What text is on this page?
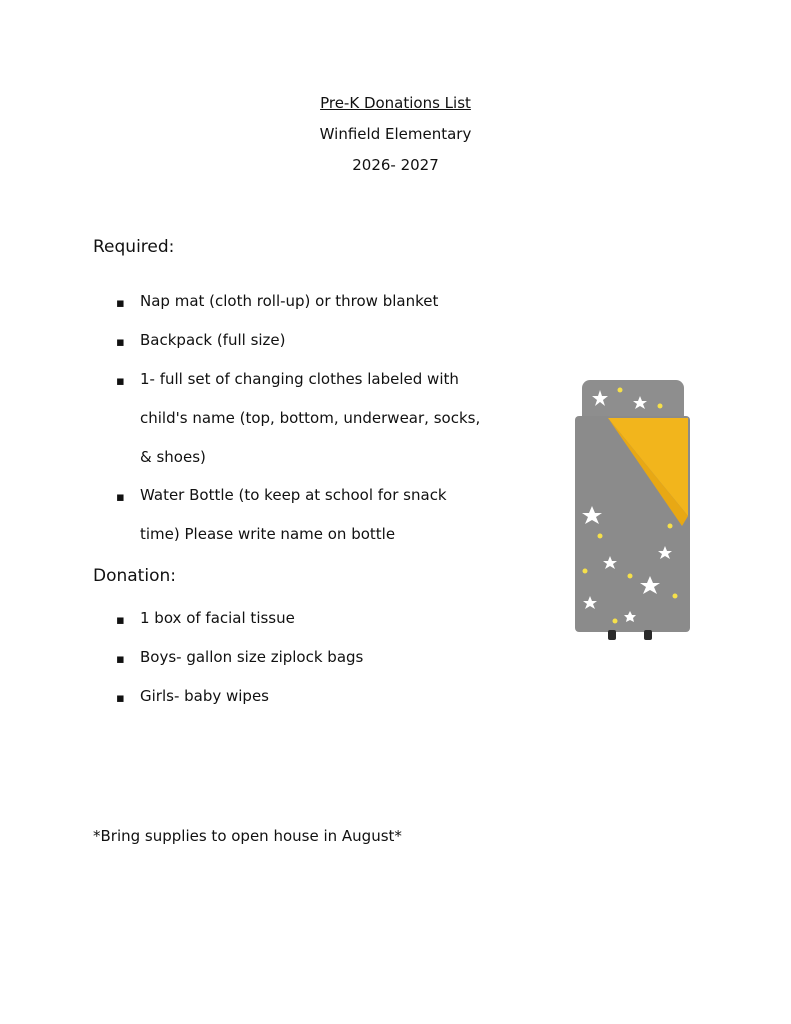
Pre-K Donations List
Winfield Elementary
2026- 2027
Required:
▪ Nap mat (cloth roll-up) or throw blanket
▪ Backpack (full size)
▪ 1- full set of changing clothes labeled with
child's name (top, bottom, underwear, socks,
& shoes)
▪ Water Bottle (to keep at school for snack
time) Please write name on bottle
Donation:
▪ 1 box of facial tissue
▪ Boys- gallon size ziplock bags
▪ Girls- baby wipes
*Bring supplies to open house in August*
